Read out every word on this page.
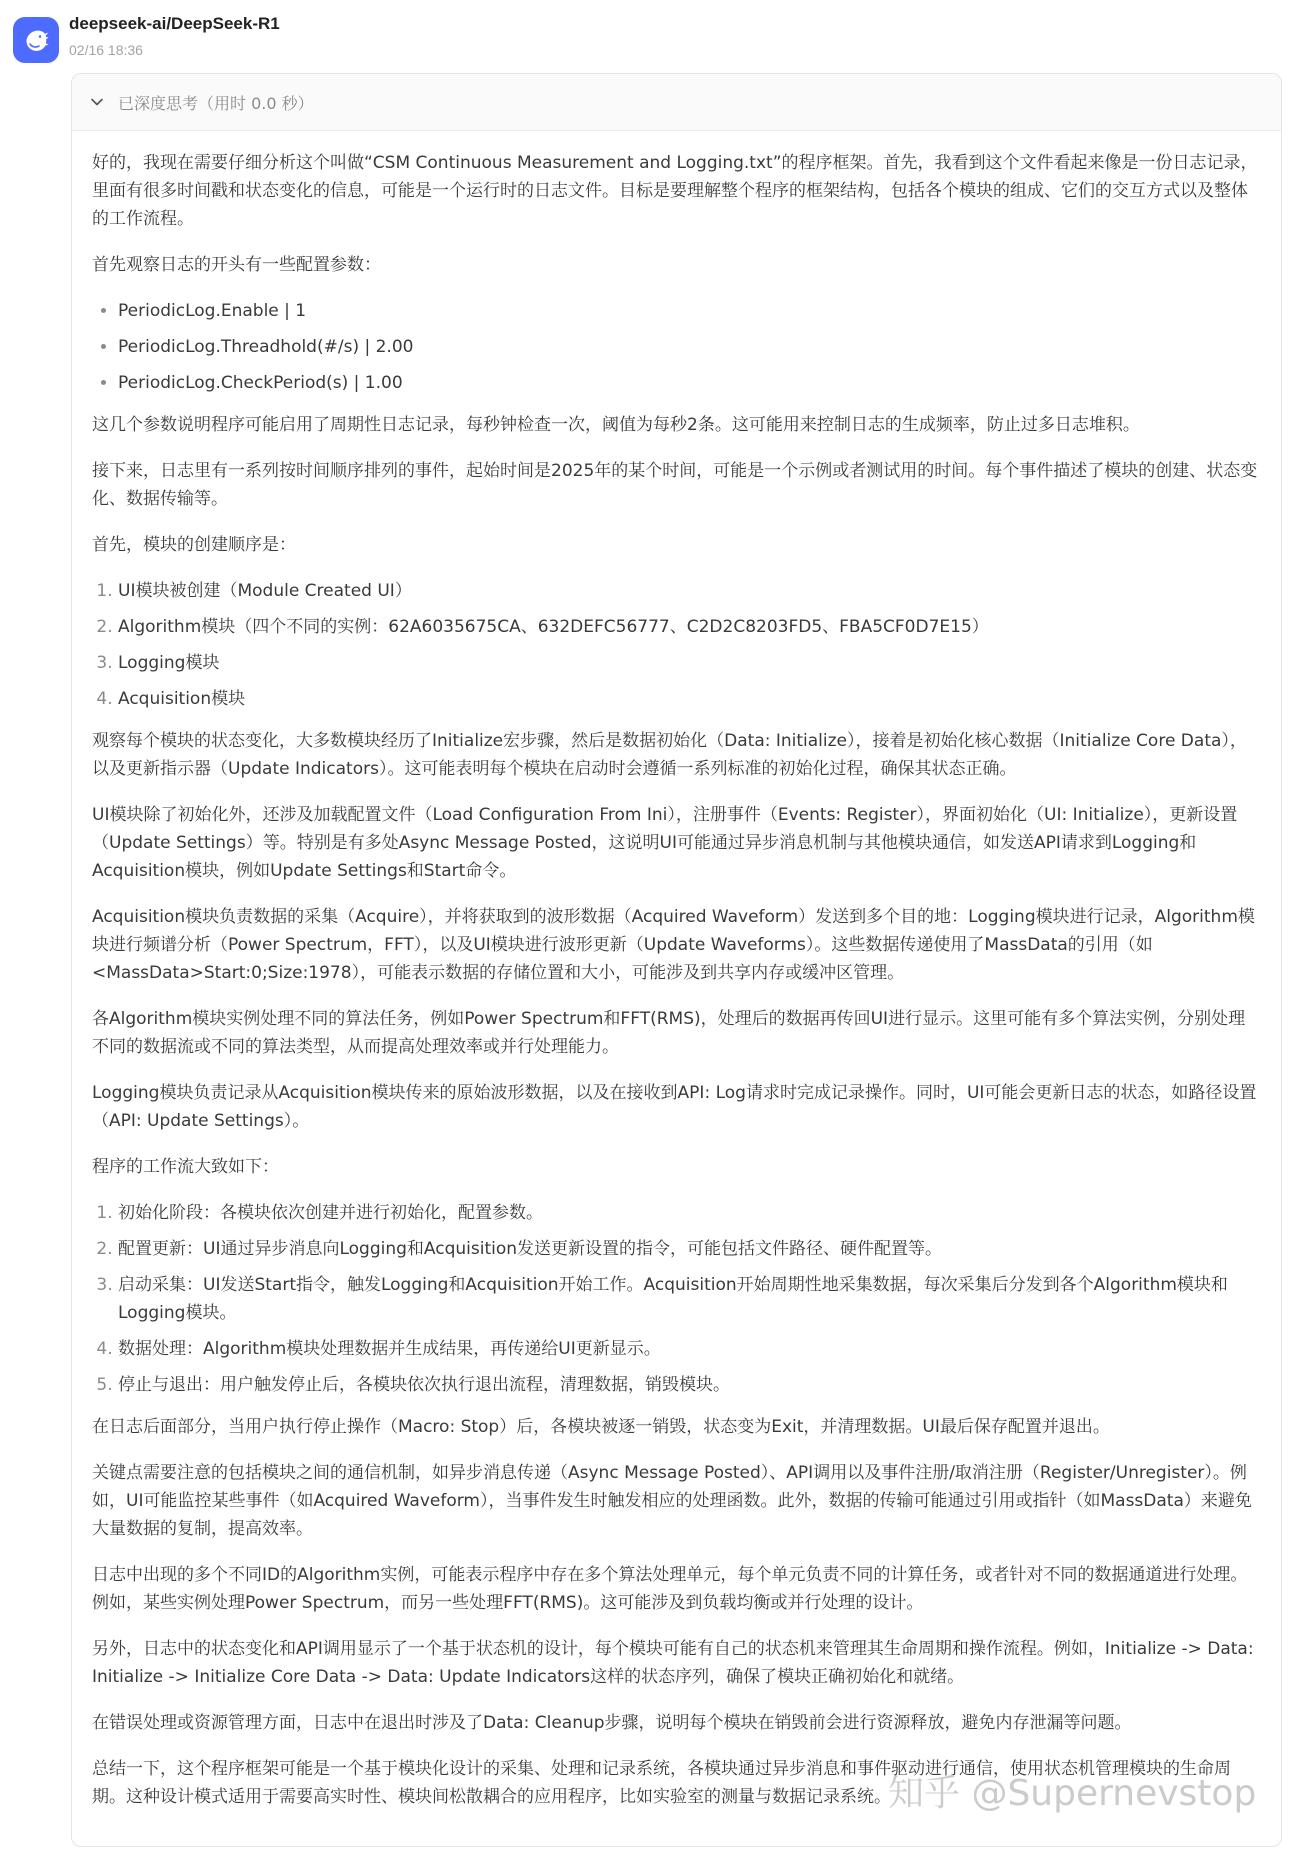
deepseek-ai/DeepSeek-R1
02/16 18:36
已深度思考（用时 0.0 秒）

好的，我现在需要仔细分析这个叫做“CSM Continuous Measurement and Logging.txt”的程序框架。首先，我看到这个文件看起来像是一份日志记录，里面有很多时间戳和状态变化的信息，可能是一个运行时的日志文件。目标是要理解整个程序的框架结构，包括各个模块的组成、它们的交互方式以及整体的工作流程。

首先观察日志的开头有一些配置参数：

• PeriodicLog.Enable | 1
• PeriodicLog.Threadhold(#/s) | 2.00
• PeriodicLog.CheckPeriod(s) | 1.00

这几个参数说明程序可能启用了周期性日志记录，每秒钟检查一次，阈值为每秒2条。这可能用来控制日志的生成频率，防止过多日志堆积。

接下来，日志里有一系列按时间顺序排列的事件，起始时间是2025年的某个时间，可能是一个示例或者测试用的时间。每个事件描述了模块的创建、状态变化、数据传输等。

首先，模块的创建顺序是：

1. UI模块被创建（Module Created UI）
2. Algorithm模块（四个不同的实例：62A6035675CA、632DEFC56777、C2D2C8203FD5、FBA5CF0D7E15）
3. Logging模块
4. Acquisition模块

观察每个模块的状态变化，大多数模块经历了Initialize宏步骤，然后是数据初始化（Data: Initialize），接着是初始化核心数据（Initialize Core Data），以及更新指示器（Update Indicators）。这可能表明每个模块在启动时会遵循一系列标准的初始化过程，确保其状态正确。

UI模块除了初始化外，还涉及加载配置文件（Load Configuration From Ini），注册事件（Events: Register），界面初始化（UI: Initialize），更新设置（Update Settings）等。特别是有多处Async Message Posted，这说明UI可能通过异步消息机制与其他模块通信，如发送API请求到Logging和Acquisition模块，例如Update Settings和Start命令。

Acquisition模块负责数据的采集（Acquire），并将获取到的波形数据（Acquired Waveform）发送到多个目的地：Logging模块进行记录，Algorithm模块进行频谱分析（Power Spectrum，FFT），以及UI模块进行波形更新（Update Waveforms）。这些数据传递使用了MassData的引用（如<MassData>Start:0;Size:1978），可能表示数据的存储位置和大小，可能涉及到共享内存或缓冲区管理。

各Algorithm模块实例处理不同的算法任务，例如Power Spectrum和FFT(RMS)，处理后的数据再传回UI进行显示。这里可能有多个算法实例，分别处理不同的数据流或不同的算法类型，从而提高处理效率或并行处理能力。

Logging模块负责记录从Acquisition模块传来的原始波形数据，以及在接收到API: Log请求时完成记录操作。同时，UI可能会更新日志的状态，如路径设置（API: Update Settings）。

程序的工作流大致如下：

1. 初始化阶段：各模块依次创建并进行初始化，配置参数。
2. 配置更新：UI通过异步消息向Logging和Acquisition发送更新设置的指令，可能包括文件路径、硬件配置等。
3. 启动采集：UI发送Start指令，触发Logging和Acquisition开始工作。Acquisition开始周期性地采集数据，每次采集后分发到各个Algorithm模块和Logging模块。
4. 数据处理：Algorithm模块处理数据并生成结果，再传递给UI更新显示。
5. 停止与退出：用户触发停止后，各模块依次执行退出流程，清理数据，销毁模块。

在日志后面部分，当用户执行停止操作（Macro: Stop）后，各模块被逐一销毁，状态变为Exit，并清理数据。UI最后保存配置并退出。

关键点需要注意的包括模块之间的通信机制，如异步消息传递（Async Message Posted）、API调用以及事件注册/取消注册（Register/Unregister）。例如，UI可能监控某些事件（如Acquired Waveform），当事件发生时触发相应的处理函数。此外，数据的传输可能通过引用或指针（如MassData）来避免大量数据的复制，提高效率。

日志中出现的多个不同ID的Algorithm实例，可能表示程序中存在多个算法处理单元，每个单元负责不同的计算任务，或者针对不同的数据通道进行处理。例如，某些实例处理Power Spectrum，而另一些处理FFT(RMS)。这可能涉及到负载均衡或并行处理的设计。

另外，日志中的状态变化和API调用显示了一个基于状态机的设计，每个模块可能有自己的状态机来管理其生命周期和操作流程。例如，Initialize -> Data: Initialize -> Initialize Core Data -> Data: Update Indicators这样的状态序列，确保了模块正确初始化和就绪。

在错误处理或资源管理方面，日志中在退出时涉及了Data: Cleanup步骤，说明每个模块在销毁前会进行资源释放，避免内存泄漏等问题。

总结一下，这个程序框架可能是一个基于模块化设计的采集、处理和记录系统，各模块通过异步消息和事件驱动进行通信，使用状态机管理模块的生命周期。这种设计模式适用于需要高实时性、模块间松散耦合的应用程序，比如实验室的测量与数据记录系统。

知乎 @Supernevstop
